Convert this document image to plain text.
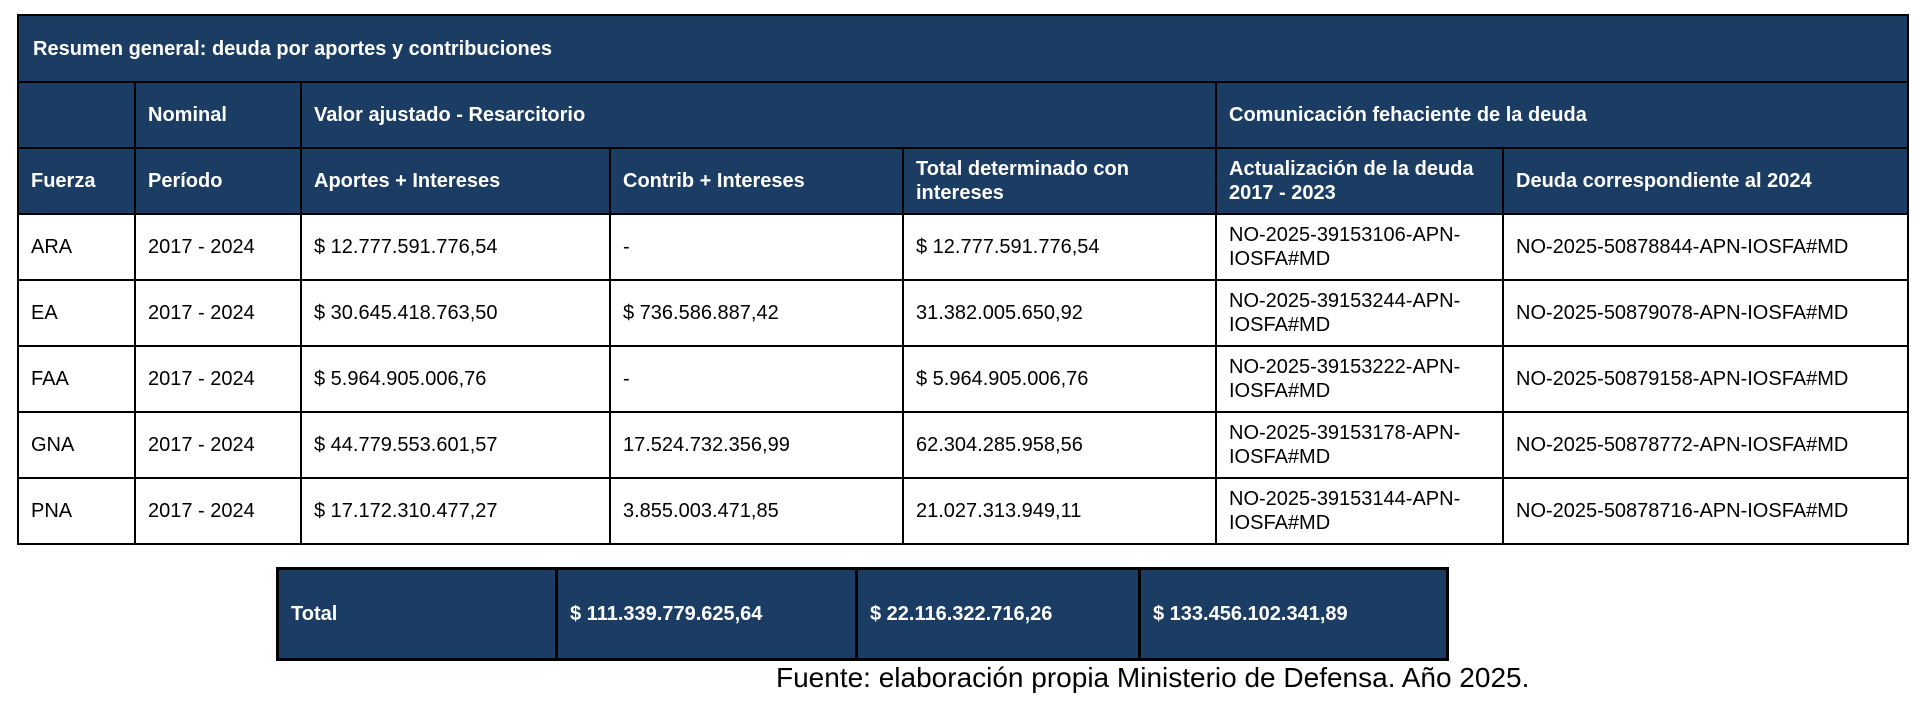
Resumen general: deuda por aportes y contribuciones						
	Nominal	Valor ajustado - Resarcitorio			Comunicación fehaciente de la deuda	
Fuerza	Período	Aportes + Intereses	Contrib + Intereses	Total determinado con intereses	Actualización de la deuda 2017 - 2023	Deuda correspondiente al 2024
ARA	2017 - 2024	$ 12.777.591.776,54	-	$ 12.777.591.776,54	NO-2025-39153106-APN-IOSFA#MD	NO-2025-50878844-APN-IOSFA#MD
EA	2017 - 2024	$ 30.645.418.763,50	$ 736.586.887,42	31.382.005.650,92	NO-2025-39153244-APN-IOSFA#MD	NO-2025-50879078-APN-IOSFA#MD
FAA	2017 - 2024	$ 5.964.905.006,76	-	$ 5.964.905.006,76	NO-2025-39153222-APN-IOSFA#MD	NO-2025-50879158-APN-IOSFA#MD
GNA	2017 - 2024	$ 44.779.553.601,57	17.524.732.356,99	62.304.285.958,56	NO-2025-39153178-APN-IOSFA#MD	NO-2025-50878772-APN-IOSFA#MD
PNA	2017 - 2024	$ 17.172.310.477,27	3.855.003.471,85	21.027.313.949,11	NO-2025-39153144-APN-IOSFA#MD	NO-2025-50878716-APN-IOSFA#MD
Total	$ 111.339.779.625,64	$ 22.116.322.716,26	$ 133.456.102.341,89
Fuente: elaboración propia Ministerio de Defensa. Año 2025.
